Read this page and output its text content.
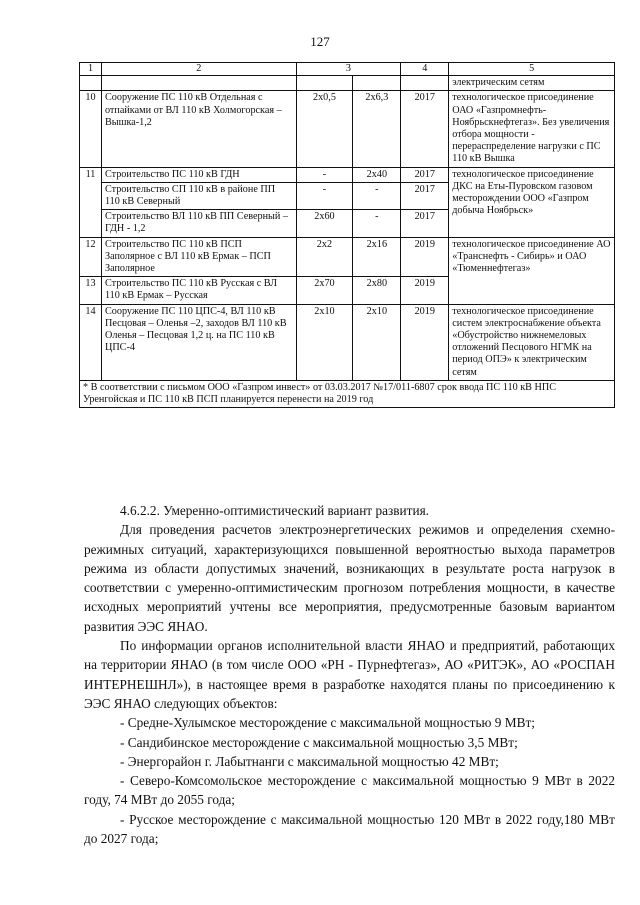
127
1	2	3		4	5
					электрическим сетям
10	Сооружение ПС 110 кВ Отдельная с отпайками от ВЛ 110 кВ Холмогорская – Вышка-1,2	2х0,5	2х6,3	2017	технологическое присоединение ОАО «Газпромнефть-Ноябрьскнефтегаз». Без увеличения отбора мощности - перераспределение нагрузки с ПС 110 кВ Вышка
11	Строительство ПС 110 кВ ГДН	-	2х40	2017	технологическое присоединение ДКС на Еты-Пуровском газовом месторождении ООО «Газпром добыча Ноябрьск»
	Строительство СП 110 кВ в районе ПП 110 кВ Северный	-	-	2017	
	Строительство ВЛ 110 кВ ПП Северный – ГДН - 1,2	2х60	-	2017	
12	Строительство ПС 110 кВ ПСП Заполярное с ВЛ 110 кВ Ермак – ПСП Заполярное	2х2	2х16	2019	технологическое присоединение АО «Транснефть - Сибирь» и ОАО «Тюменнефтегаз»
13	Строительство ПС 110 кВ Русская с ВЛ 110 кВ Ермак – Русская	2х70	2х80	2019	
14	Сооружение ПС 110 ЦПС-4, ВЛ 110 кВ Песцовая – Оленья –2, заходов ВЛ 110 кВ Оленья – Песцовая 1,2 ц. на ПС 110 кВ ЦПС-4	2х10	2х10	2019	технологическое присоединение систем электроснабжение объекта «Обустройство нижнемеловых отложений Песцового НГМК на период ОПЭ» к электрическим сетям
* В соответствии с письмом ООО «Газпром инвест» от 03.03.2017 №17/011-6807 срок ввода ПС 110 кВ НПС Уренгойская и ПС 110 кВ ПСП планируется перенести на 2019 год					

4.6.2.2. Умеренно-оптимистический вариант развития.

Для проведения расчетов электроэнергетических режимов и определения схемно-режимных ситуаций, характеризующихся повышенной вероятностью выхода параметров режима из области допустимых значений, возникающих в результате роста нагрузок в соответствии с умеренно-оптимистическим прогнозом потребления мощности, в качестве исходных мероприятий учтены все мероприятия, предусмотренные базовым вариантом развития ЭЭС ЯНАО.

По информации органов исполнительной власти ЯНАО и предприятий, работающих на территории ЯНАО (в том числе ООО «РН - Пурнефтегаз», АО «РИТЭК», АО «РОСПАН ИНТЕРНЕШНЛ»), в настоящее время в разработке находятся планы по присоединению к ЭЭС ЯНАО следующих объектов:

- Средне-Хулымское месторождение с максимальной мощностью 9 МВт;

- Сандибинское месторождение с максимальной мощностью 3,5 МВт;

- Энергорайон г. Лабытнанги с максимальной мощностью 42 МВт;

- Северо-Комсомольское месторождение с максимальной мощностью 9 МВт в 2022 году, 74 МВт до 2055 года;

- Русское месторождение с максимальной мощностью 120 МВт в 2022 году,180 МВт до 2027 года;
